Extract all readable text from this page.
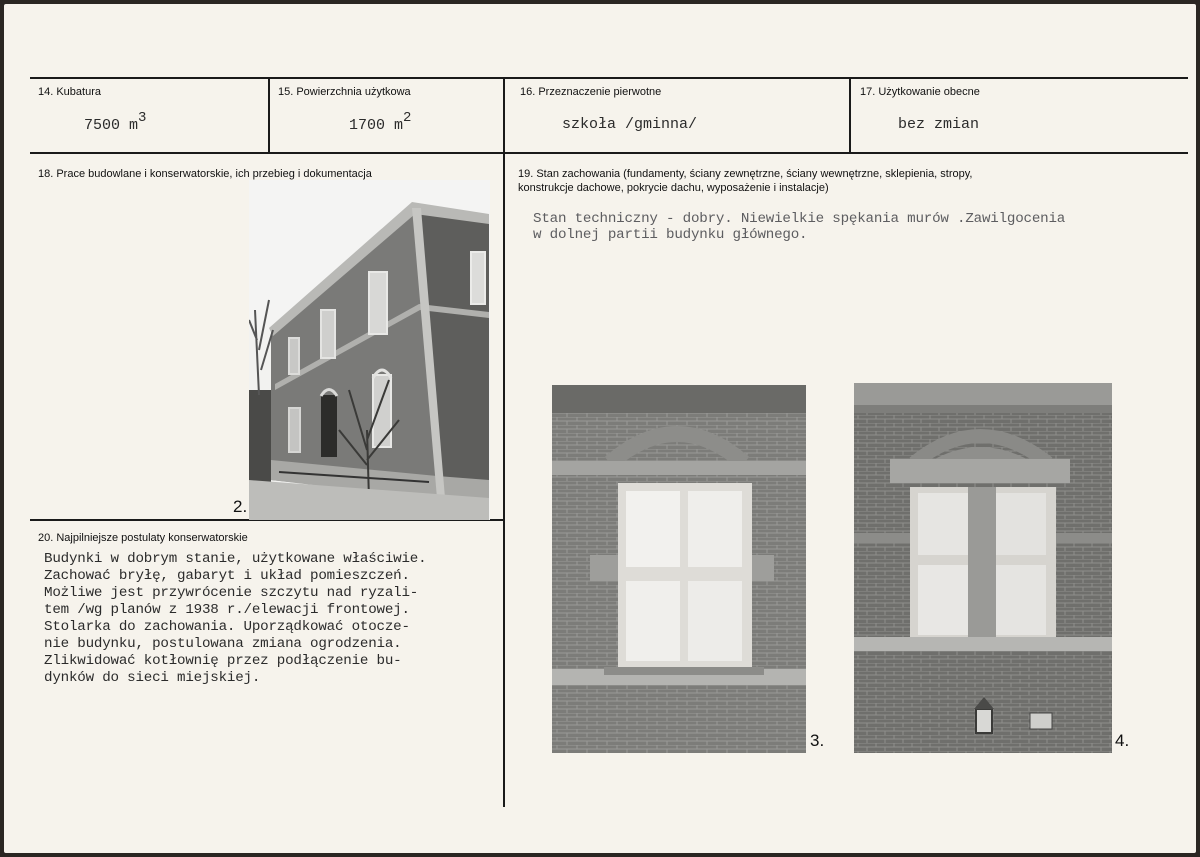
14. Kubatura
7500 m3
15. Powierzchnia użytkowa
1700 m2
16. Przeznaczenie pierwotne
szkoła /gminna/
17. Użytkowanie obecne
bez zmian
18. Prace budowlane i konserwatorskie, ich przebieg i dokumentacja	19. Stan zachowania (fundamenty, ściany zewnętrzne, ściany wewnętrzne, sklepienia, stropy,
konstrukcje dachowe, pokrycie dachu, wyposażenie i instalacje)
Stan techniczny - dobry. Niewielkie spękania murów .Zawilgocenia
w dolnej partii budynku głównego.
20. Najpilniejsze postulaty konserwatorskie
Budynki w dobrym stanie, użytkowane właściwie.
Zachować bryłę, gabaryt i układ pomieszczeń.
Możliwe jest przywrócenie szczytu nad ryzali-
tem /wg planów z 1938 r./elewacji frontowej.
Stolarka do zachowania. Uporządkować otocze-
nie budynku, postulowana zmiana ogrodzenia.
Zlikwidować kotłownię przez podłączenie bu-
dynków do sieci miejskiej.
2.
3.	4.
